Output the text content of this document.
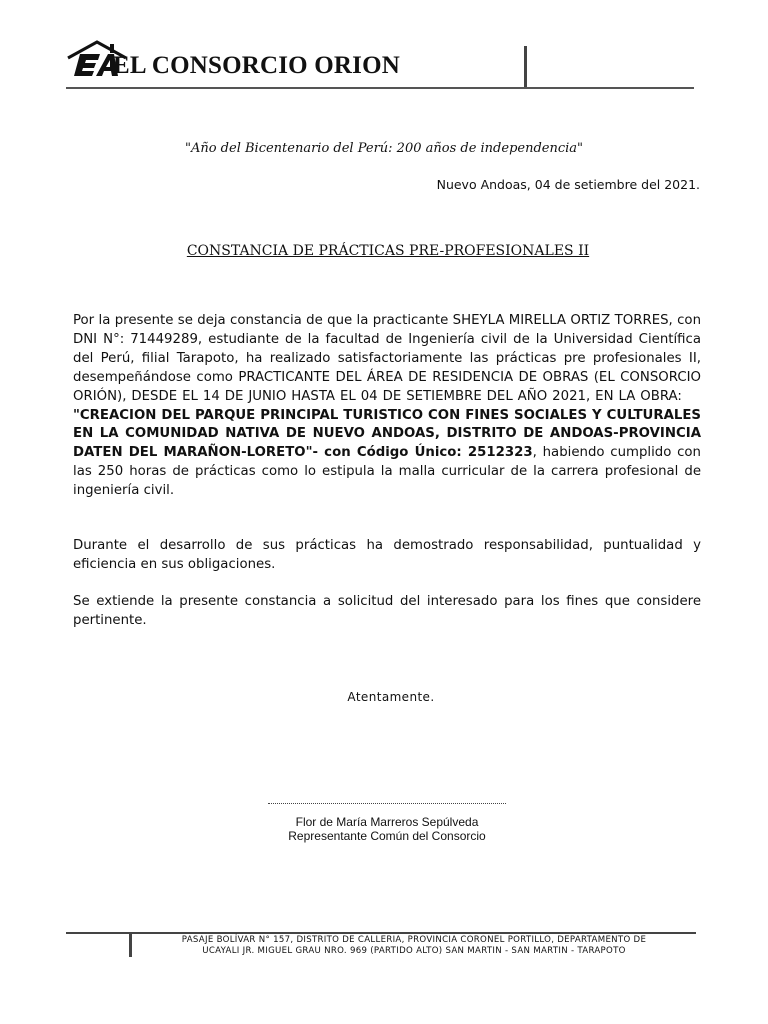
EL CONSORCIO ORION
"Año del Bicentenario del Perú: 200 años de independencia"
Nuevo Andoas, 04 de setiembre del 2021.
CONSTANCIA DE PRÁCTICAS PRE-PROFESIONALES II
Por la presente se deja constancia de que la practicante SHEYLA MIRELLA ORTIZ TORRES, con DNI N°: 71449289, estudiante de la facultad de Ingeniería civil de la Universidad Científica del Perú, filial Tarapoto, ha realizado satisfactoriamente las prácticas pre profesionales II, desempeñándose como PRACTICANTE DEL ÁREA DE RESIDENCIA DE OBRAS (EL CONSORCIO ORIÓN), DESDE EL 14 DE JUNIO HASTA EL 04 DE SETIEMBRE DEL AÑO 2021, EN LA OBRA:     "CREACION DEL PARQUE PRINCIPAL TURISTICO CON FINES SOCIALES Y CULTURALES EN LA COMUNIDAD NATIVA DE NUEVO ANDOAS, DISTRITO DE ANDOAS-PROVINCIA DATEN DEL MARAÑON-LORETO"- con Código Único: 2512323, habiendo cumplido con las 250 horas de prácticas como lo estipula la malla curricular de la carrera profesional de ingeniería civil.
Durante el desarrollo de sus prácticas ha demostrado responsabilidad, puntualidad y eficiencia en sus obligaciones.
Se extiende la presente constancia a solicitud del interesado para los fines que considere pertinente.
Atentamente.
Flor de María Marreros Sepúlveda
Representante Común del Consorcio
PASAJE BOLÍVAR N° 157, DISTRITO DE CALLERIA, PROVINCIA CORONEL PORTILLO, DEPARTAMENTO DE
UCAYALI JR. MIGUEL GRAU NRO. 969 (PARTIDO ALTO) SAN MARTIN - SAN MARTIN - TARAPOTO
